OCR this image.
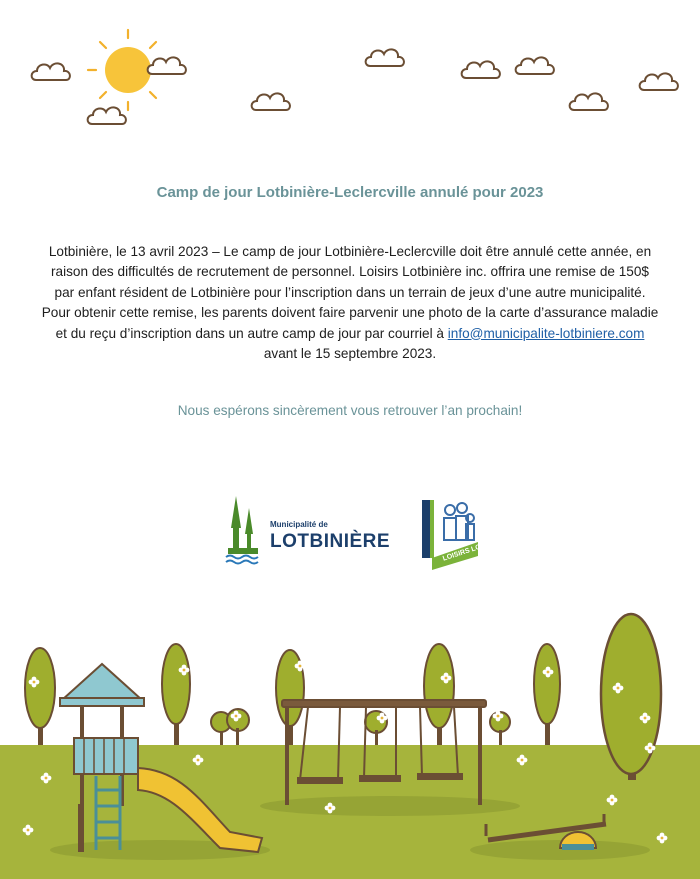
Camp de jour Lotbinière-Leclercville annulé pour 2023

Lotbinière, le 13 avril 2023 – Le camp de jour Lotbinière-Leclercville doit être annulé cette année, en raison des difficultés de recrutement de personnel. Loisirs Lotbinière inc. offrira une remise de 150$ par enfant résident de Lotbinière pour l’inscription dans un terrain de jeux d’une autre municipalité. Pour obtenir cette remise, les parents doivent faire parvenir une photo de la carte d’assurance maladie et du reçu d’inscription dans un autre camp de jour par courriel à info@municipalite-lotbiniere.com avant le 15 septembre 2023.

Nous espérons sincèrement vous retrouver l’an prochain!
Municipalité de
LOTBINIÈRE	LOISIRS LOTBINIÈRE
